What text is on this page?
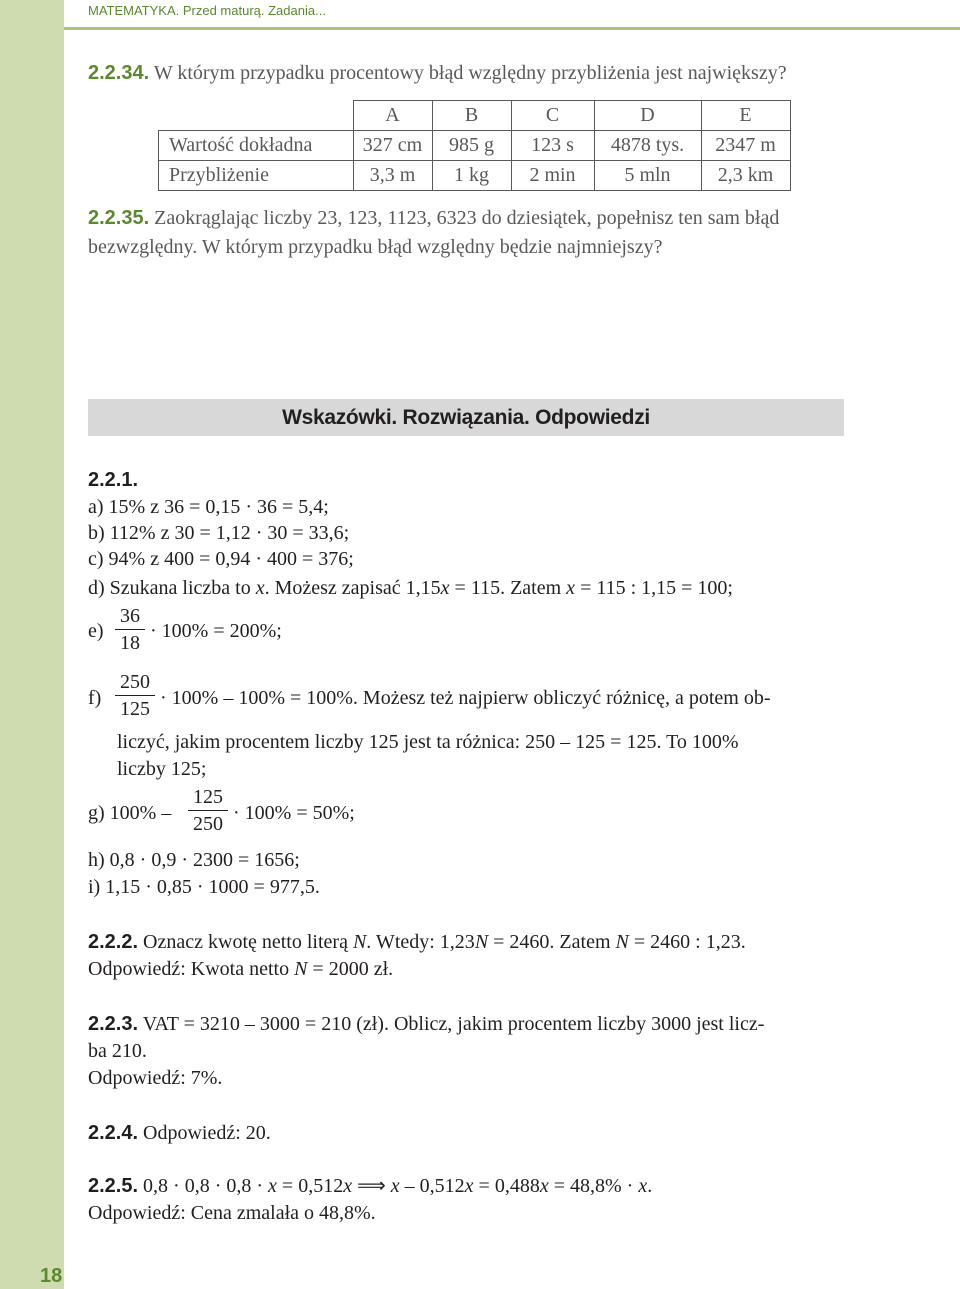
MATEMATYKA. Przed maturą. Zadania...
2.2.34. W którym przypadku procentowy błąd względny przybliżenia jest największy?
	A	B	C	D	E
Wartość dokładna	327 cm	985 g	123 s	4878 tys.	2347 m
Przybliżenie	3,3 m	1 kg	2 min	5 mln	2,3 km
2.2.35. Zaokrąglając liczby 23, 123, 1123, 6323 do dziesiątek, popełnisz ten sam błąd
bezwzględny. W którym przypadku błąd względny będzie najmniejszy?
Wskazówki. Rozwiązania. Odpowiedzi
2.2.1.
a) 15% z 36 = 0,15 · 36 = 5,4;
b) 112% z 30 = 1,12 · 30 = 33,6;
c) 94% z 400 = 0,94 · 400 = 376;
d) Szukana liczba to x. Możesz zapisać 1,15x = 115. Zatem x = 115 : 1,15 = 100;
$e) \frac{36}{18} \cdot 100\% = 200\%$;
$f) \frac{250}{125} \cdot 100\% - 100\% = 100\%$. Możesz też najpierw obliczyć różnicę, a potem ob-
liczyć, jakim procentem liczby 125 jest ta różnica: 250 – 125 = 125. To 100%
liczby 125;
g) $100\% - \frac{125}{250} \cdot 100\% = 50\%$;
h) 0,8 · 0,9 · 2300 = 1656;
i) 1,15 · 0,85 · 1000 = 977,5.
2.2.2. Oznacz kwotę netto literą N. Wtedy: 1,23N = 2460. Zatem N = 2460 : 1,23.
Odpowiedź: Kwota netto N = 2000 zł.
2.2.3. VAT = 3210 – 3000 = 210 (zł). Oblicz, jakim procentem liczby 3000 jest licz-
ba 210.
Odpowiedź: 7%.
2.2.4. Odpowiedź: 20.
2.2.5. 0,8 · 0,8 · 0,8 · x = 0,512x ⟹ x – 0,512x = 0,488x = 48,8% · x.
Odpowiedź: Cena zmalała o 48,8%.
18
